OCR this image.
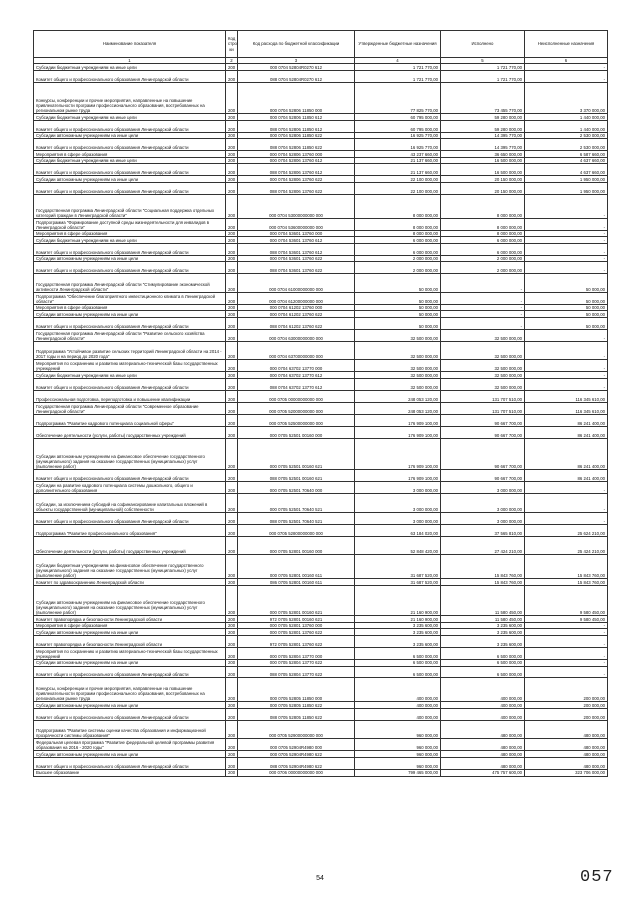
Наименование показателя	Код стро ки	Код расхода по бюджетной классификации	Утвержденные бюджетные назначения	Исполнено	Неисполненные назначения
1	2	3	4	5	6
Субсидии бюджетным учреждениям на иные цели	200	000 0704 52804R0270 612	1 721 770,00	1 721 770,00	-
Комитет общего и профессионального образования Ленинградской области	200	088 0704 52804R0270 612	1 721 770,00	1 721 770,00	-
Конкурсы, конференции и прочие мероприятия, направленные на повышение привлекательности программ профессионального образования, востребованных на региональном рынке труда	200	000 0704 52806 11850 000	77 825 770,00	73 455 770,00	3 370 000,00
Субсидии бюджетным учреждениям на иные цели	200	000 0704 52806 11850 612	60 795 000,00	59 280 000,00	1 440 000,00
Комитет общего и профессионального образования Ленинградской области	200	088 0704 52806 11850 612	60 795 000,00	59 280 000,00	1 440 000,00
Субсидии автономным учреждениям на иные цели	200	000 0704 52806 11850 622	16 925 770,00	14 395 770,00	2 530 000,00
Комитет общего и профессионального образования Ленинградской области	200	088 0704 52806 11850 622	16 925 770,00	14 395 770,00	2 530 000,00
Мероприятия в сфере образования	200	000 0704 52806 13760 000	43 237 660,00	36 650 000,00	6 587 660,00
Субсидии бюджетным учреждениям на иные цели	200	000 0704 52806 13760 612	21 137 660,00	16 500 000,00	4 637 660,00
Комитет общего и профессионального образования Ленинградской области	200	088 0704 52806 13760 612	21 137 660,00	16 500 000,00	4 637 660,00
Субсидии автономным учреждениям на иные цели	200	000 0704 52806 13760 622	22 100 000,00	20 150 000,00	1 950 000,00
Комитет общего и профессионального образования Ленинградской области	200	088 0704 52806 13760 622	22 100 000,00	20 150 000,00	1 950 000,00
Государственная программа Ленинградской области "Социальная поддержка отдельных категорий граждан в Ленинградской области"	200	000 0704 53000000000 000	8 000 000,00	8 000 000,00	-
Подпрограмма "Формирование доступной среды жизнедеятельности для инвалидов в Ленинградской области"	200	000 0704 53600000000 000	8 000 000,00	8 000 000,00	-
Мероприятия в сфере образования	200	000 0704 53601 13760 000	8 000 000,00	8 000 000,00	-
Субсидии бюджетным учреждениям на иные цели	200	000 0704 53601 13760 612	6 000 000,00	6 000 000,00	-
Комитет общего и профессионального образования Ленинградской области	200	088 0704 53601 13760 612	6 000 000,00	6 000 000,00	-
Субсидии автономным учреждениям на иные цели	200	000 0704 53601 13760 622	2 000 000,00	2 000 000,00	-
Комитет общего и профессионального образования Ленинградской области	200	088 0704 53601 13760 622	2 000 000,00	2 000 000,00	-
Государственная программа Ленинградской области "Стимулирование экономической активности Ленинградской области"	200	000 0704 61000000000 000	50 000,00	-	50 000,00
Подпрограмма "Обеспечение благоприятного инвестиционного климата в Ленинградской области"	200	000 0704 61200000000 000	50 000,00	-	50 000,00
Мероприятия в сфере образования	200	000 0704 61202 13760 000	50 000,00	-	50 000,00
Субсидии автономным учреждениям на иные цели	200	000 0704 61202 13760 622	50 000,00	-	50 000,00
Комитет общего и профессионального образования Ленинградской области	200	088 0704 61202 13760 622	50 000,00	-	50 000,00
Государственная программа Ленинградской области "Развитие сельского хозяйства Ленинградской области"	200	000 0704 63000000000 000	32 500 000,00	32 500 000,00	-
Подпрограмма "Устойчивое развитие сельских территорий Ленинградской области на 2014 - 2017 годы и на период до 2020 года"	200	000 0704 63700000000 000	32 500 000,00	32 500 000,00	-
Мероприятия по сохранению и развитию материально-технической базы государственных учреждений	200	000 0704 63702 13770 000	32 500 000,00	32 500 000,00	-
Субсидии бюджетным учреждениям на иные цели	200	000 0704 63702 13770 612	32 500 000,00	32 500 000,00	-
Комитет общего и профессионального образования Ленинградской области	200	088 0704 63702 13770 612	32 500 000,00	32 500 000,00	-
Профессиональная подготовка, переподготовка и повышение квалификации	200	000 0705 00000000000 000	248 053 120,00	131 707 510,00	116 345 610,00
Государственная программа Ленинградской области "Современное образование Ленинградской области"	200	000 0705 52000000000 000	248 053 120,00	131 707 510,00	116 345 610,00
Подпрограмма "Развитие кадрового потенциала социальной сферы"	200	000 0705 52500000000 000	176 909 100,00	90 667 700,00	86 241 400,00
Обеспечение деятельности (услуги, работы) государственных учреждений	200	000 0705 52501 00160 000	176 909 100,00	90 667 700,00	86 241 400,00
Субсидии автономным учреждениям на финансовое обеспечение государственного (муниципального) задания на оказание государственных (муниципальных) услуг (выполнение работ)	200	000 0705 52501 00160 621	176 909 100,00	90 667 700,00	86 241 400,00
Комитет общего и профессионального образования Ленинградской области	200	088 0705 52501 00160 621	176 909 100,00	90 667 700,00	86 241 400,00
Субсидии на развитие кадрового потенциала системы дошкольного, общего и дополнительного образования	200	000 0705 52501 70640 000	3 000 000,00	3 000 000,00	-
Субсидии, за исключением субсидий на софинансирование капитальных вложений в объекты государственной (муниципальной) собственности	200	000 0705 52501 70640 521	3 000 000,00	3 000 000,00	-
Комитет общего и профессионального образования Ленинградской области	200	088 0705 52501 70640 521	3 000 000,00	3 000 000,00	-
Подпрограмма "Развитие профессионального образования"	200	000 0705 52800000000 000	63 184 020,00	37 565 810,00	25 624 210,00
Обеспечение деятельности (услуги, работы) государственных учреждений	200	000 0705 52801 00160 000	52 848 420,00	27 424 210,00	25 424 210,00
Субсидии бюджетным учреждениям на финансовое обеспечение государственного (муниципального) задания на оказание государственных (муниципальных) услуг (выполнение работ)	200	000 0705 52801 00160 611	31 687 520,00	15 843 760,00	15 843 760,00
Комитет по здравоохранению Ленинградской области	200	086 0705 52801 00160 611	31 687 520,00	15 843 760,00	15 843 760,00
Субсидии автономным учреждениям на финансовое обеспечение государственного (муниципального) задания на оказание государственных (муниципальных) услуг (выполнение работ)	200	000 0705 52801 00160 621	21 160 900,00	11 580 450,00	9 580 450,00
Комитет правопорядка и безопасности Ленинградской области	200	972 0705 52801 00160 621	21 160 900,00	11 580 450,00	9 580 450,00
Мероприятия в сфере образования	200	000 0705 52801 13760 000	3 235 600,00	3 235 600,00	-
Субсидии автономным учреждениям на иные цели	200	000 0705 52801 13760 622	3 235 600,00	3 235 600,00	-
Комитет правопорядка и безопасности Ленинградской области	200	972 0705 52801 13760 622	3 235 600,00	3 235 600,00	-
Мероприятия по сохранению и развитию материально-технической базы государственных учреждений	200	000 0705 52804 13770 000	6 500 000,00	6 500 000,00	-
Субсидии автономным учреждениям на иные цели	200	000 0705 52804 13770 622	6 500 000,00	6 500 000,00	-
Комитет общего и профессионального образования Ленинградской области	200	088 0705 52804 13770 622	6 500 000,00	6 500 000,00	-
Конкурсы, конференции и прочие мероприятия, направленные на повышение привлекательности программ профессионального образования, востребованных на региональном рынке труда	200	000 0705 52805 11850 000	400 000,00	400 000,00	200 000,00
Субсидии автономным учреждениям на иные цели	200	000 0705 52805 11850 622	400 000,00	400 000,00	200 000,00
Комитет общего и профессионального образования Ленинградской области	200	088 0705 52805 11850 622	400 000,00	400 000,00	200 000,00
Подпрограмма "Развитие системы оценки качества образования и информационной прозрачности системы образования"	200	000 0705 52900000000 000	960 000,00	480 000,00	480 000,00
Федеральная целевая программа "Развитие федеральной целевой программы развития образования на 2016 - 2020 годы"	200	000 0705 52904R4980 000	960 000,00	480 000,00	480 000,00
Субсидии автономным учреждениям на иные цели	200	000 0705 52904R4980 622	960 000,00	480 000,00	480 000,00
Комитет общего и профессионального образования Ленинградской области	200	088 0705 52904R4980 622	960 000,00	480 000,00	480 000,00
Высшее образование	200	000 0706 00000000000 000	799 465 000,00	475 757 600,00	323 706 000,00
54	057
